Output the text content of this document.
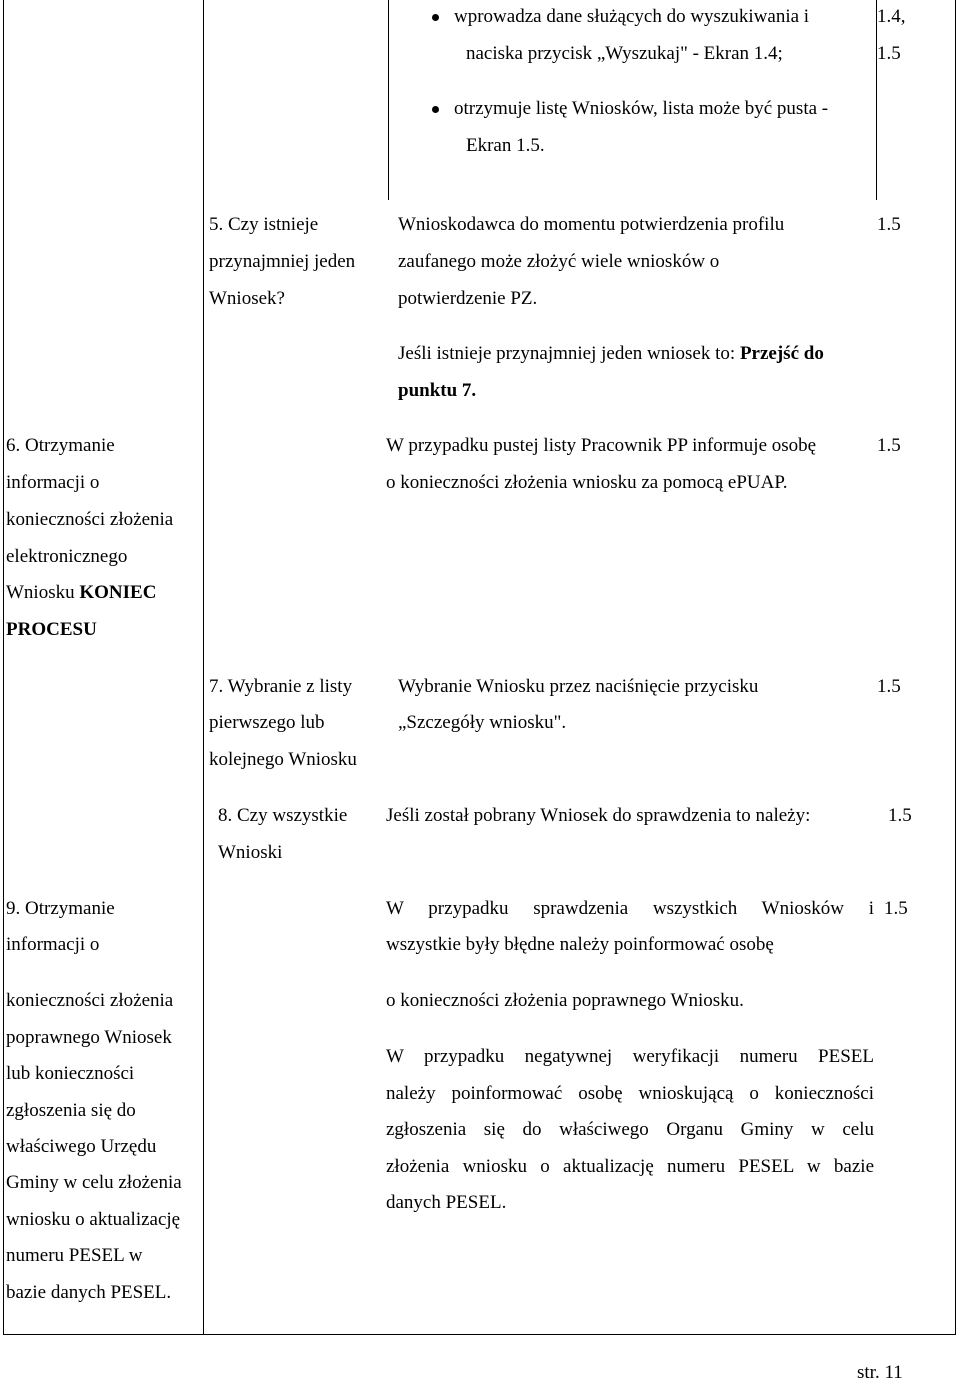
wprowadza dane służących do wyszukiwania i
naciska przycisk „Wyszukaj" - Ekran 1.4;
otrzymuje listę Wniosków, lista może być pusta -
Ekran 1.5.
1.4,
1.5
5. Czy istnieje
przynajmniej jeden
Wniosek?
Wnioskodawca do momentu potwierdzenia profilu
zaufanego może złożyć wiele wniosków o
potwierdzenie PZ.
Jeśli istnieje przynajmniej jeden wniosek to: Przejść do
punktu 7.
1.5
6. Otrzymanie
informacji o
konieczności złożenia
elektronicznego
Wniosku KONIEC
PROCESU
W przypadku pustej listy Pracownik PP informuje osobę
o konieczności złożenia wniosku za pomocą ePUAP.
1.5
7. Wybranie z listy
pierwszego lub
kolejnego Wniosku
Wybranie Wniosku przez naciśnięcie przycisku
„Szczegóły wniosku".
1.5
8. Czy wszystkie
Wnioski
Jeśli został pobrany Wniosek do sprawdzenia to należy:	1.5
9. Otrzymanie
informacji o
konieczności złożenia
poprawnego Wniosek
lub konieczności
zgłoszenia się do
właściwego Urzędu
Gminy w celu złożenia
wniosku o aktualizację
numeru PESEL w
bazie danych PESEL.
W przypadku sprawdzenia wszystkich Wniosków i
wszystkie były błędne należy poinformować osobę
o konieczności złożenia poprawnego Wniosku.
W przypadku negatywnej weryfikacji numeru PESEL
należy poinformować osobę wnioskującą o konieczności
zgłoszenia się do właściwego Organu Gminy w celu
złożenia wniosku o aktualizację numeru PESEL w bazie
danych PESEL.
1.5
str. 11
